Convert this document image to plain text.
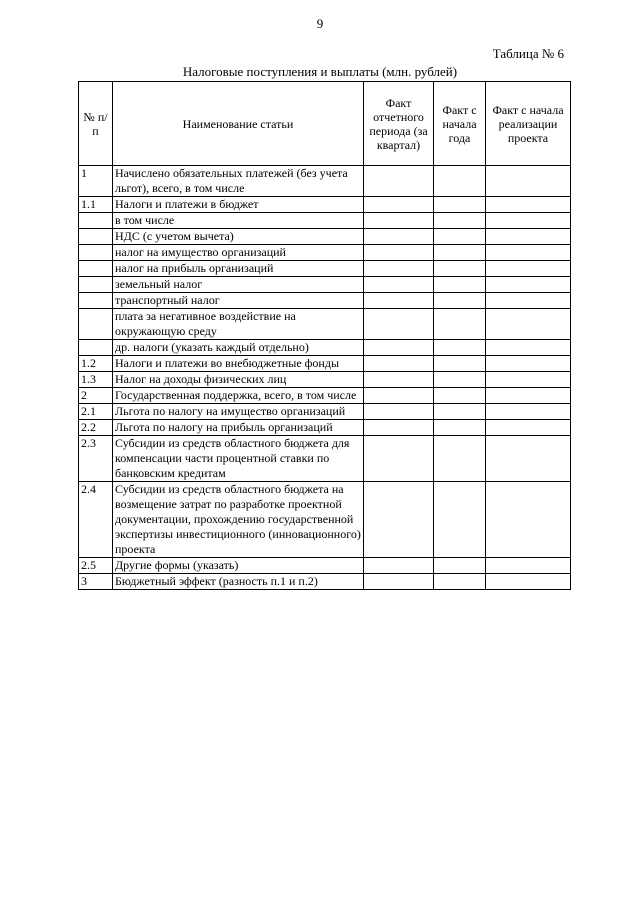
9
Таблица № 6
Налоговые поступления и выплаты (млн. рублей)
№ п/п	Наименование статьи	Факт отчетного периода (за квартал)	Факт с начала года	Факт с начала реализации проекта
1	Начислено обязательных платежей (без учета льгот), всего, в том числе			
1.1	Налоги и платежи в бюджет			
	в том числе			
	НДС (с учетом вычета)			
	налог на имущество организаций			
	налог на прибыль организаций			
	земельный налог			
	транспортный налог			
	плата за негативное воздействие на окружающую среду			
	др. налоги (указать каждый отдельно)			
1.2	Налоги и платежи во внебюджетные фонды			
1.3	Налог на доходы физических лиц			
2	Государственная поддержка, всего, в том числе			
2.1	Льгота по налогу на имущество организаций			
2.2	Льгота по налогу на прибыль организаций			
2.3	Субсидии из средств областного бюджета для компенсации части процентной ставки по банковским кредитам			
2.4	Субсидии из средств областного бюджета на возмещение затрат по разработке проектной документации, прохождению государственной экспертизы инвестиционного (инновационного) проекта			
2.5	Другие формы (указать)			
3	Бюджетный эффект (разность п.1 и п.2)			
